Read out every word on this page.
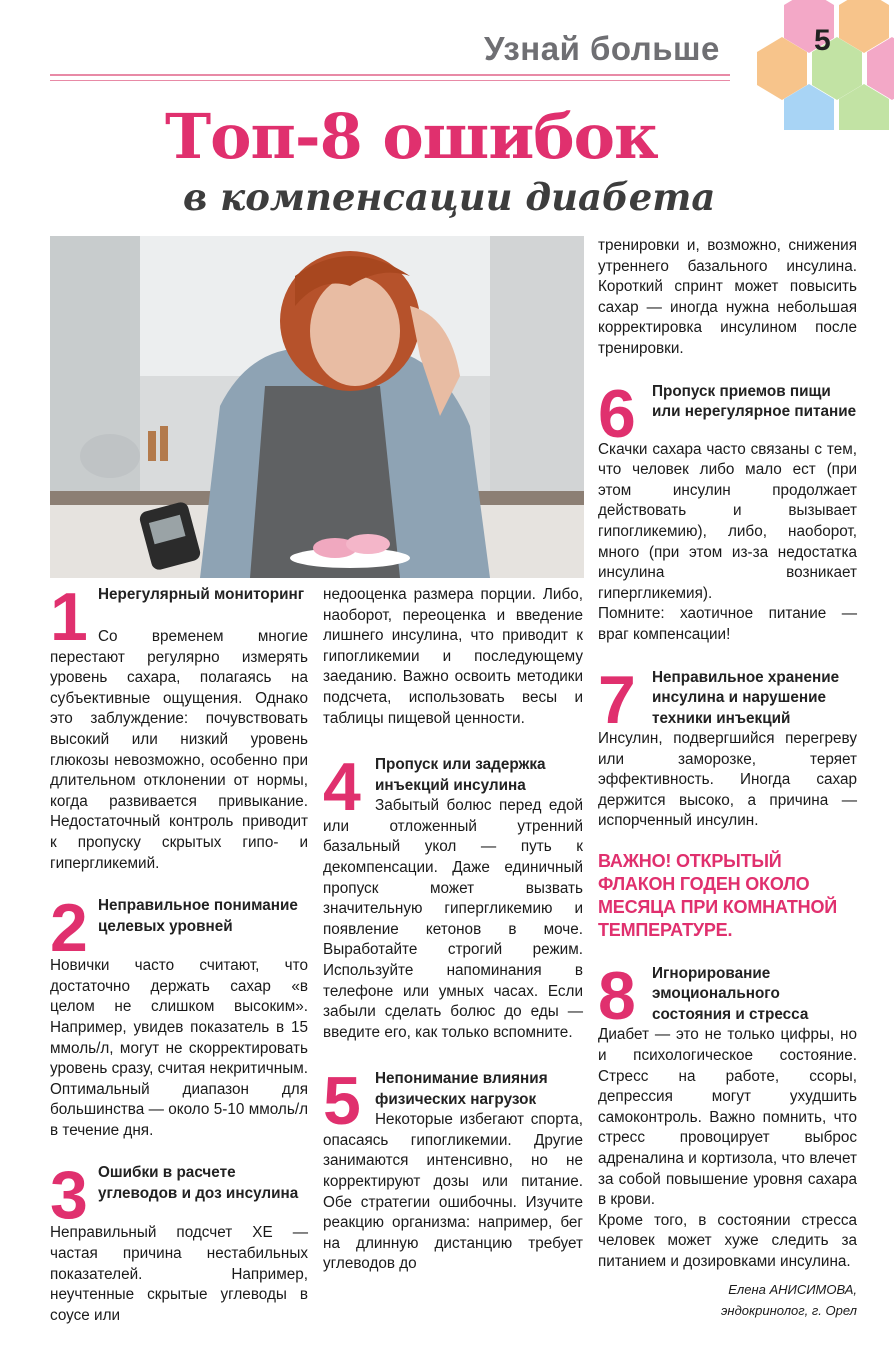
Узнай больше	5
Топ-8 ошибок
в компенсации диабета
1 Нерегулярный мониторинг

Со временем многие перестают регулярно измерять уровень сахара, полагаясь на субъективные ощущения. Однако это заблуждение: почувствовать высокий или низкий уровень глюкозы невозможно, особенно при длительном отклонении от нормы, когда развивается привыкание. Недостаточный контроль приводит к пропуску скрытых гипо- и гипергликемий.

2 Неправильное понимание целевых уровней

Новички часто считают, что достаточно держать сахар «в целом не слишком высоким». Например, увидев показатель в 15 ммоль/л, могут не скорректировать уровень сразу, считая некритичным. Оптимальный диапазон для большинства — около 5-10 ммоль/л в течение дня.

3 Ошибки в расчете углеводов и доз инсулина

Неправильный подсчет ХЕ — частая причина нестабильных показателей. Например, неучтенные скрытые углеводы в соусе или

недооценка размера порции. Либо, наоборот, переоценка и введение лишнего инсулина, что приводит к гипогликемии и последующему заеданию. Важно освоить методики подсчета, использовать весы и таблицы пищевой ценности.

4 Пропуск или задержка инъекций инсулина

Забытый болюс перед едой или отложенный утренний базальный укол — путь к декомпенсации. Даже единичный пропуск может вызвать значительную гипергликемию и появление кетонов в моче. Выработайте строгий режим. Используйте напоминания в телефоне или умных часах. Если забыли сделать болюс до еды — введите его, как только вспомните.

5 Непонимание влияния физических нагрузок

Некоторые избегают спорта, опасаясь гипогликемии. Другие занимаются интенсивно, но не корректируют дозы или питание. Обе стратегии ошибочны. Изучите реакцию организма: например, бег на длинную дистанцию требует углеводов до

тренировки и, возможно, снижения утреннего базального инсулина. Короткий спринт может повысить сахар — иногда нужна небольшая корректировка инсулином после тренировки.

6 Пропуск приемов пищи или нерегулярное питание

Скачки сахара часто связаны с тем, что человек либо мало ест (при этом инсулин продолжает действовать и вызывает гипогликемию), либо, наоборот, много (при этом из-за недостатка инсулина возникает гипергликемия).

Помните: хаотичное питание — враг компенсации!

7 Неправильное хранение инсулина и нарушение техники инъекций

Инсулин, подвергшийся перегреву или заморозке, теряет эффективность. Иногда сахар держится высоко, а причина — испорченный инсулин.

ВАЖНО! ОТКРЫТЫЙ ФЛАКОН ГОДЕН ОКОЛО МЕСЯЦА ПРИ КОМНАТНОЙ ТЕМПЕРАТУРЕ.
8 Игнорирование эмоционального состояния и стресса

Диабет — это не только цифры, но и психологическое состояние. Стресс на работе, ссоры, депрессия могут ухудшить самоконтроль. Важно помнить, что стресс провоцирует выброс адреналина и кортизола, что влечет за собой повышение уровня сахара в крови.

Кроме того, в состоянии стресса человек может хуже следить за питанием и дозировками инсулина.

Елена АНИСИМОВА,
эндокринолог, г. Орел
